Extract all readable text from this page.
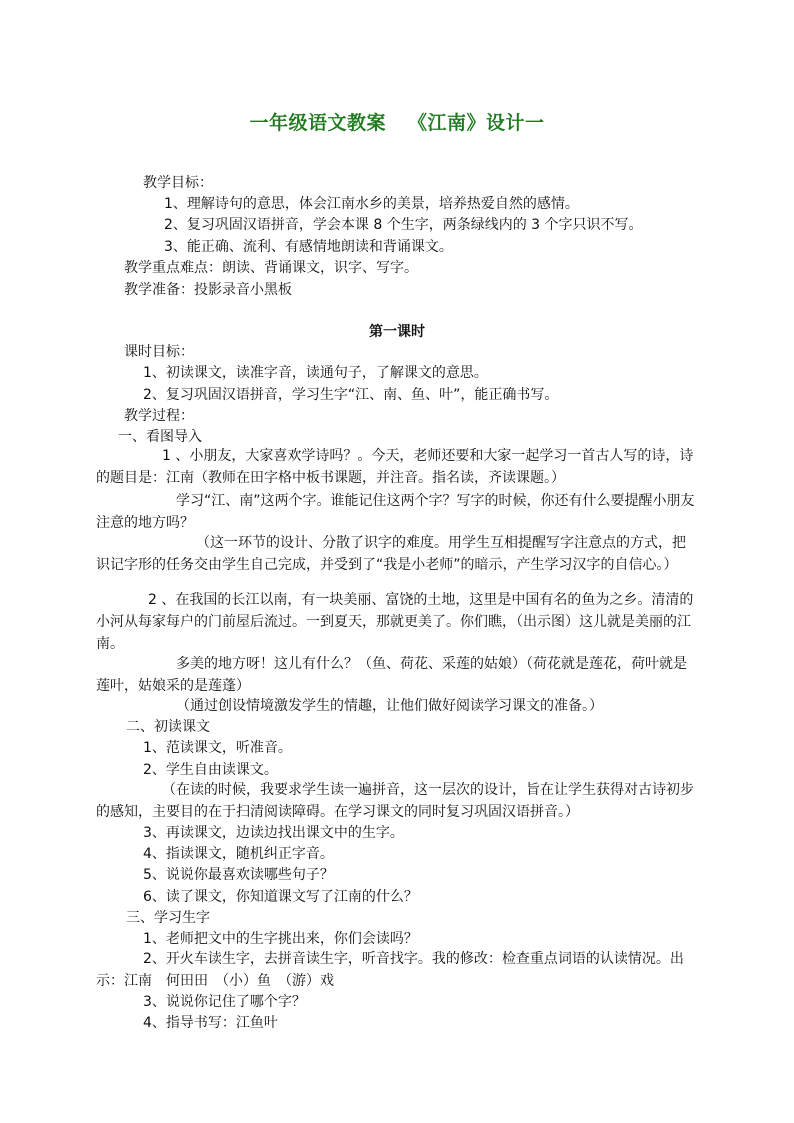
一年级语文教案 《江南》设计一
教学目标：
1、理解诗句的意思，体会江南水乡的美景，培养热爱自然的感情。
2、复习巩固汉语拼音，学会本课 8 个生字，两条绿线内的 3 个字只识不写。
3、能正确、流利、有感情地朗读和背诵课文。
教学重点难点：朗读、背诵课文，识字、写字。
教学准备：投影录音小黑板
第一课时
课时目标：
1、初读课文，读准字音，读通句子，了解课文的意思。
2、复习巩固汉语拼音，学习生字“江、南、鱼、叶”，能正确书写。
教学过程：
一、看图导入
1 、小朋友，大家喜欢学诗吗？。今天，老师还要和大家一起学习一首古人写的诗，诗的题目是：江南（教师在田字格中板书课题，并注音。指名读，齐读课题。）
学习“江、南”这两个字。谁能记住这两个字？写字的时候，你还有什么要提醒小朋友注意的地方吗？
（这一环节的设计、分散了识字的难度。用学生互相提醒写字注意点的方式，把识记字形的任务交由学生自己完成，并受到了“我是小老师”的暗示，产生学习汉字的自信心。）
2 、在我国的长江以南，有一块美丽、富饶的土地，这里是中国有名的鱼为之乡。清清的小河从每家每户的门前屋后流过。一到夏天，那就更美了。你们瞧，（出示图）这儿就是美丽的江南。
多美的地方呀！这儿有什么？（鱼、荷花、采莲的姑娘）（荷花就是莲花，荷叶就是莲叶，姑娘采的是莲蓬）
（通过创设情境激发学生的情趣，让他们做好阅读学习课文的准备。）
二、初读课文
1、范读课文，听准音。
2、学生自由读课文。
（在读的时候，我要求学生读一遍拼音，这一层次的设计，旨在让学生获得对古诗初步的感知，主要目的在于扫清阅读障碍。在学习课文的同时复习巩固汉语拼音。）
3、再读课文，边读边找出课文中的生字。
4、指读课文，随机纠正字音。
5、说说你最喜欢读哪些句子？
6、读了课文，你知道课文写了江南的什么？
三、学习生字
1、老师把文中的生字挑出来，你们会读吗？
2、开火车读生字，去拼音读生字，听音找字。我的修改：检查重点词语的认读情况。出示：江南　何田田　（小）鱼　（游）戏
3、说说你记住了哪个字？
4、指导书写：江鱼叶
